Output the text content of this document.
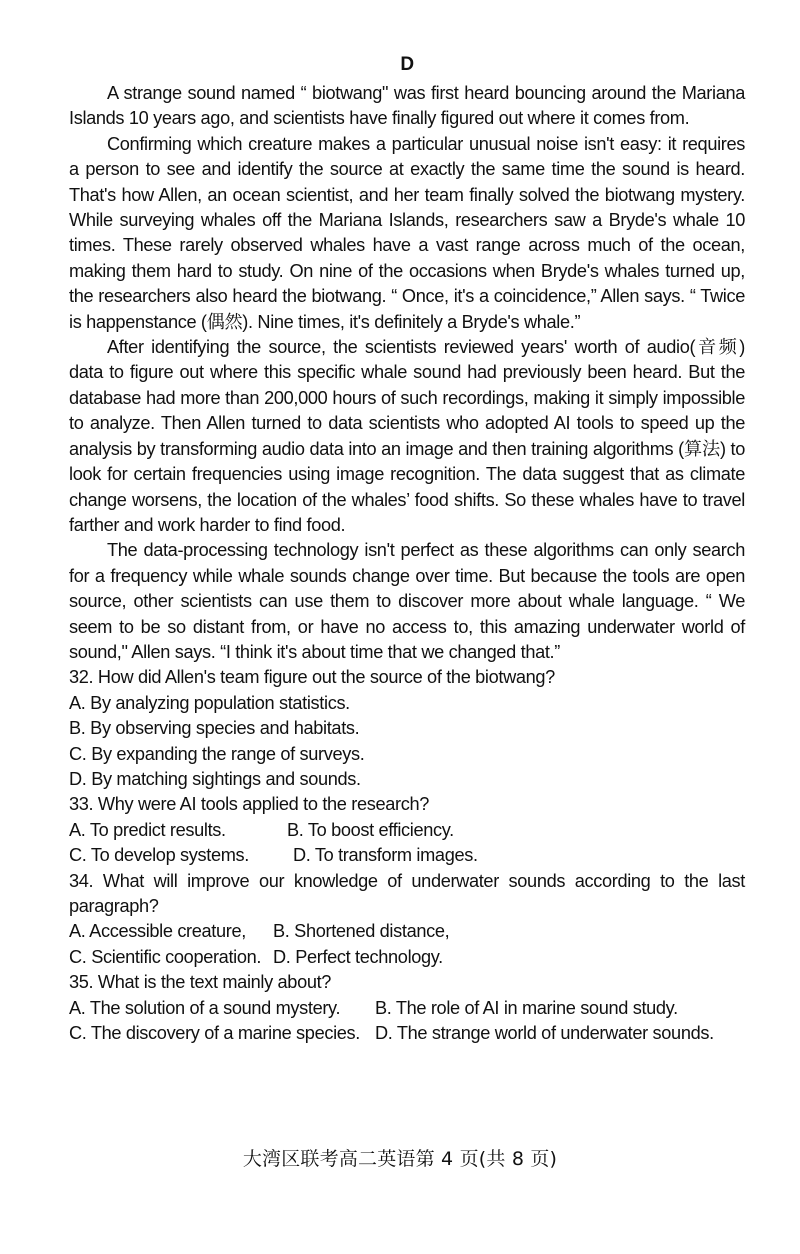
D

A strange sound named “ biotwang" was first heard bouncing around the Mariana Islands 10 years ago, and scientists have finally figured out where it comes from.

Confirming which creature makes a particular unusual noise isn't easy: it requires a person to see and identify the source at exactly the same time the sound is heard. That's how Allen, an ocean scientist, and her team finally solved the biotwang mystery. While surveying whales off the Mariana Islands, researchers saw a Bryde's whale 10 times. These rarely observed whales have a vast range across much of the ocean, making them hard to study. On nine of the occasions when Bryde's whales turned up, the researchers also heard the biotwang. “ Once, it's a coincidence,” Allen says. “ Twice is happenstance (偶然). Nine times, it's definitely a Bryde's whale.”

After identifying the source, the scientists reviewed years' worth of audio(音频) data to figure out where this specific whale sound had previously been heard. But the database had more than 200,000 hours of such recordings, making it simply impossible to analyze. Then Allen turned to data scientists who adopted AI tools to speed up the analysis by transforming audio data into an image and then training algorithms (算法) to look for certain frequencies using image recognition. The data suggest that as climate change worsens, the location of the whales’ food shifts. So these whales have to travel farther and work harder to find food.

The data-processing technology isn't perfect as these algorithms can only search for a frequency while whale sounds change over time. But because the tools are open source, other scientists can use them to discover more about whale language. “ We seem to be so distant from, or have no access to, this amazing underwater world of sound," Allen says. “I think it's about time that we changed that.”

32. How did Allen's team figure out the source of the biotwang?

A. By analyzing population statistics.

B. By observing species and habitats.

C. By expanding the range of surveys.

D. By matching sightings and sounds.

33. Why were AI tools applied to the research?

A. To predict results.	B. To boost efficiency.

C. To develop systems. D. To transform images.

34. What will improve our knowledge of underwater sounds according to the last paragraph?

A. Accessible creature, B. Shortened distance,

C. Scientific cooperation. D. Perfect technology.

35. What is the text mainly about?

A. The solution of a sound mystery. B. The role of AI in marine sound study.

C. The discovery of a marine species. D. The strange world of underwater sounds.

大湾区联考高二英语第 4 页(共 8 页)
